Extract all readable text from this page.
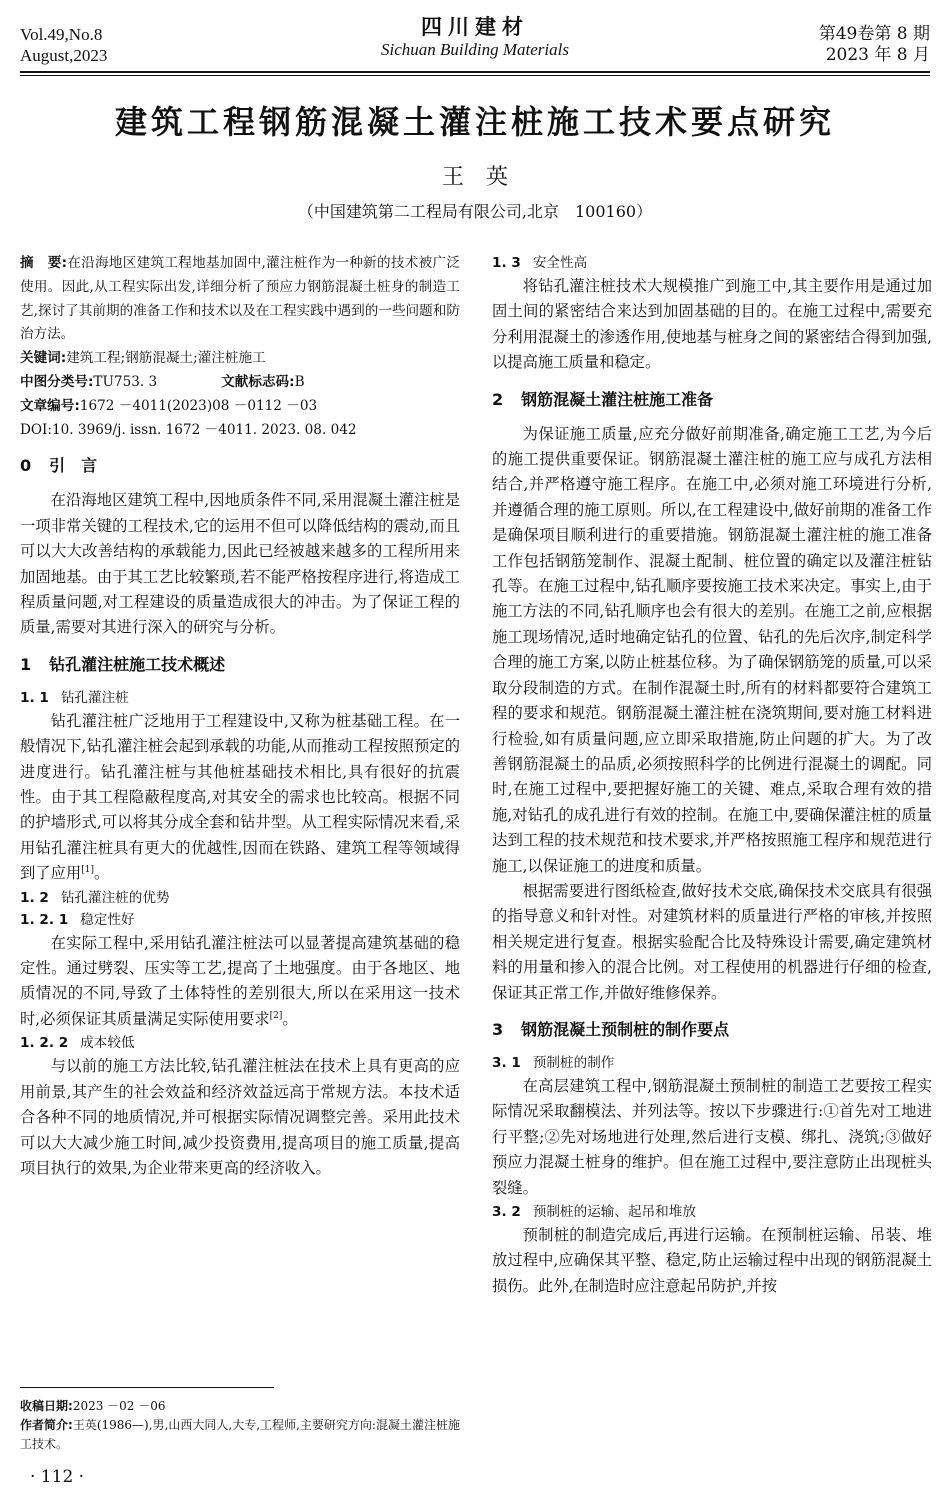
Vol.49,No.8
August,2023
四川建材
Sichuan Building Materials
第49卷第 8 期
2023 年 8 月
建筑工程钢筋混凝土灌注桩施工技术要点研究
王　英
（中国建筑第二工程局有限公司,北京　100160）
摘　要:在沿海地区建筑工程地基加固中,灌注桩作为一种新的技术被广泛使用。因此,从工程实际出发,详细分析了预应力钢筋混凝土桩身的制造工艺,探讨了其前期的准备工作和技术以及在工程实践中遇到的一些问题和防治方法。
关键词:建筑工程;钢筋混凝土;灌注桩施工
中图分类号:TU753. 3	文献标志码:B
文章编号:1672 －4011(2023)08 －0112 －03
DOI:10. 3969/j. issn. 1672 －4011. 2023. 08. 042
0 引　言

在沿海地区建筑工程中,因地质条件不同,采用混凝土灌注桩是一项非常关键的工程技术,它的运用不但可以降低结构的震动,而且可以大大改善结构的承载能力,因此已经被越来越多的工程所用来加固地基。由于其工艺比较繁琐,若不能严格按程序进行,将造成工程质量问题,对工程建设的质量造成很大的冲击。为了保证工程的质量,需要对其进行深入的研究与分析。

1 钻孔灌注桩施工技术概述
1. 1 钻孔灌注桩

钻孔灌注桩广泛地用于工程建设中,又称为桩基础工程。在一般情况下,钻孔灌注桩会起到承载的功能,从而推动工程按照预定的进度进行。钻孔灌注桩与其他桩基础技术相比,具有很好的抗震性。由于其工程隐蔽程度高,对其安全的需求也比较高。根据不同的护墙形式,可以将其分成全套和钻井型。从工程实际情况来看,采用钻孔灌注桩具有更大的优越性,因而在铁路、建筑工程等领域得到了应用[1]。

1. 2 钻孔灌注桩的优势
1. 2. 1 稳定性好

在实际工程中,采用钻孔灌注桩法可以显著提高建筑基础的稳定性。通过劈裂、压实等工艺,提高了土地强度。由于各地区、地质情况的不同,导致了土体特性的差别很大,所以在采用这一技术时,必须保证其质量满足实际使用要求[2]。

1. 2. 2 成本较低

与以前的施工方法比较,钻孔灌注桩法在技术上具有更高的应用前景,其产生的社会效益和经济效益远高于常规方法。本技术适合各种不同的地质情况,并可根据实际情况调整完善。采用此技术可以大大减少施工时间,减少投资费用,提高项目的施工质量,提高项目执行的效果,为企业带来更高的经济收入。

1. 3 安全性高

将钻孔灌注桩技术大规模推广到施工中,其主要作用是通过加固土间的紧密结合来达到加固基础的目的。在施工过程中,需要充分利用混凝土的渗透作用,使地基与桩身之间的紧密结合得到加强,以提高施工质量和稳定。

2 钢筋混凝土灌注桩施工准备

为保证施工质量,应充分做好前期准备,确定施工工艺,为今后的施工提供重要保证。钢筋混凝土灌注桩的施工应与成孔方法相结合,并严格遵守施工程序。在施工中,必须对施工环境进行分析,并遵循合理的施工原则。所以,在工程建设中,做好前期的准备工作是确保项目顺利进行的重要措施。钢筋混凝土灌注桩的施工准备工作包括钢筋笼制作、混凝土配制、桩位置的确定以及灌注桩钻孔等。在施工过程中,钻孔顺序要按施工技术来决定。事实上,由于施工方法的不同,钻孔顺序也会有很大的差别。在施工之前,应根据施工现场情况,适时地确定钻孔的位置、钻孔的先后次序,制定科学合理的施工方案,以防止桩基位移。为了确保钢筋笼的质量,可以采取分段制造的方式。在制作混凝土时,所有的材料都要符合建筑工程的要求和规范。钢筋混凝土灌注桩在浇筑期间,要对施工材料进行检验,如有质量问题,应立即采取措施,防止问题的扩大。为了改善钢筋混凝土的品质,必须按照科学的比例进行混凝土的调配。同时,在施工过程中,要把握好施工的关键、难点,采取合理有效的措施,对钻孔的成孔进行有效的控制。在施工中,要确保灌注桩的质量达到工程的技术规范和技术要求,并严格按照施工程序和规范进行施工,以保证施工的进度和质量。

根据需要进行图纸检查,做好技术交底,确保技术交底具有很强的指导意义和针对性。对建筑材料的质量进行严格的审核,并按照相关规定进行复查。根据实验配合比及特殊设计需要,确定建筑材料的用量和掺入的混合比例。对工程使用的机器进行仔细的检查,保证其正常工作,并做好维修保养。

3 钢筋混凝土预制桩的制作要点
3. 1 预制桩的制作

在高层建筑工程中,钢筋混凝土预制桩的制造工艺要按工程实际情况采取翻模法、并列法等。按以下步骤进行:①首先对工地进行平整;②先对场地进行处理,然后进行支模、绑扎、浇筑;③做好预应力混凝土桩身的维护。但在施工过程中,要注意防止出现桩头裂缝。

3. 2 预制桩的运输、起吊和堆放

预制桩的制造完成后,再进行运输。在预制桩运输、吊装、堆放过程中,应确保其平整、稳定,防止运输过程中出现的钢筋混凝土损伤。此外,在制造时应注意起吊防护,并按

收稿日期:2023 －02 －06
作者简介:王英(1986—),男,山西大同人,大专,工程师,主要研究方向:混凝土灌注桩施工技术。
· 112 ·
